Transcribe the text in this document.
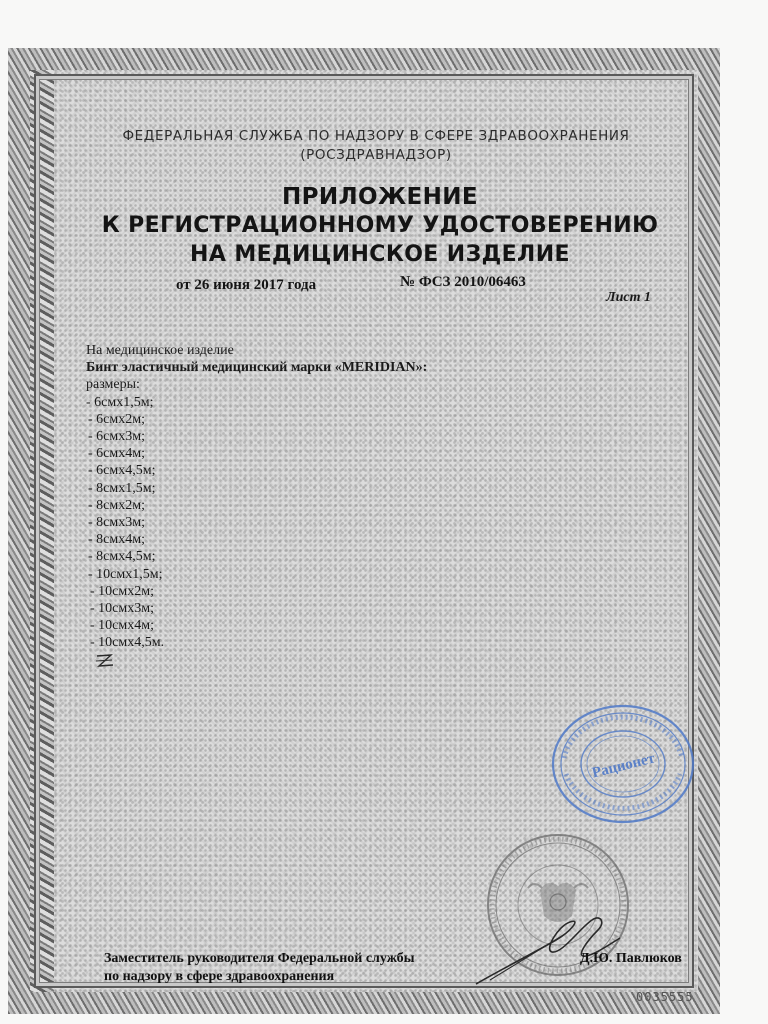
ФЕДЕРАЛЬНАЯ СЛУЖБА ПО НАДЗОРУ В СФЕРЕ ЗДРАВООХРАНЕНИЯ
(РОСЗДРАВНАДЗОР)
ПРИЛОЖЕНИЕ
К РЕГИСТРАЦИОННОМУ УДОСТОВЕРЕНИЮ
НА МЕДИЦИНСКОЕ ИЗДЕЛИЕ
от 26 июня 2017 года	№ ФСЗ 2010/06463
Лист 1
На медицинское изделие
Бинт эластичный медицинский марки «MERIDIAN»:
размеры:
- 6смх1,5м;
- 6смх2м;
- 6смх3м;
- 6смх4м;
- 6смх4,5м;
- 8смх1,5м;
- 8смх2м;
- 8смх3м;
- 8смх4м;
- 8смх4,5м;
- 10смх1,5м;
- 10смх2м;
- 10смх3м;
- 10смх4м;
- 10смх4,5м.
Рационет
Заместитель руководителя Федеральной службы
по надзору в сфере здравоохранения
Д.Ю. Павлюков
0035555
